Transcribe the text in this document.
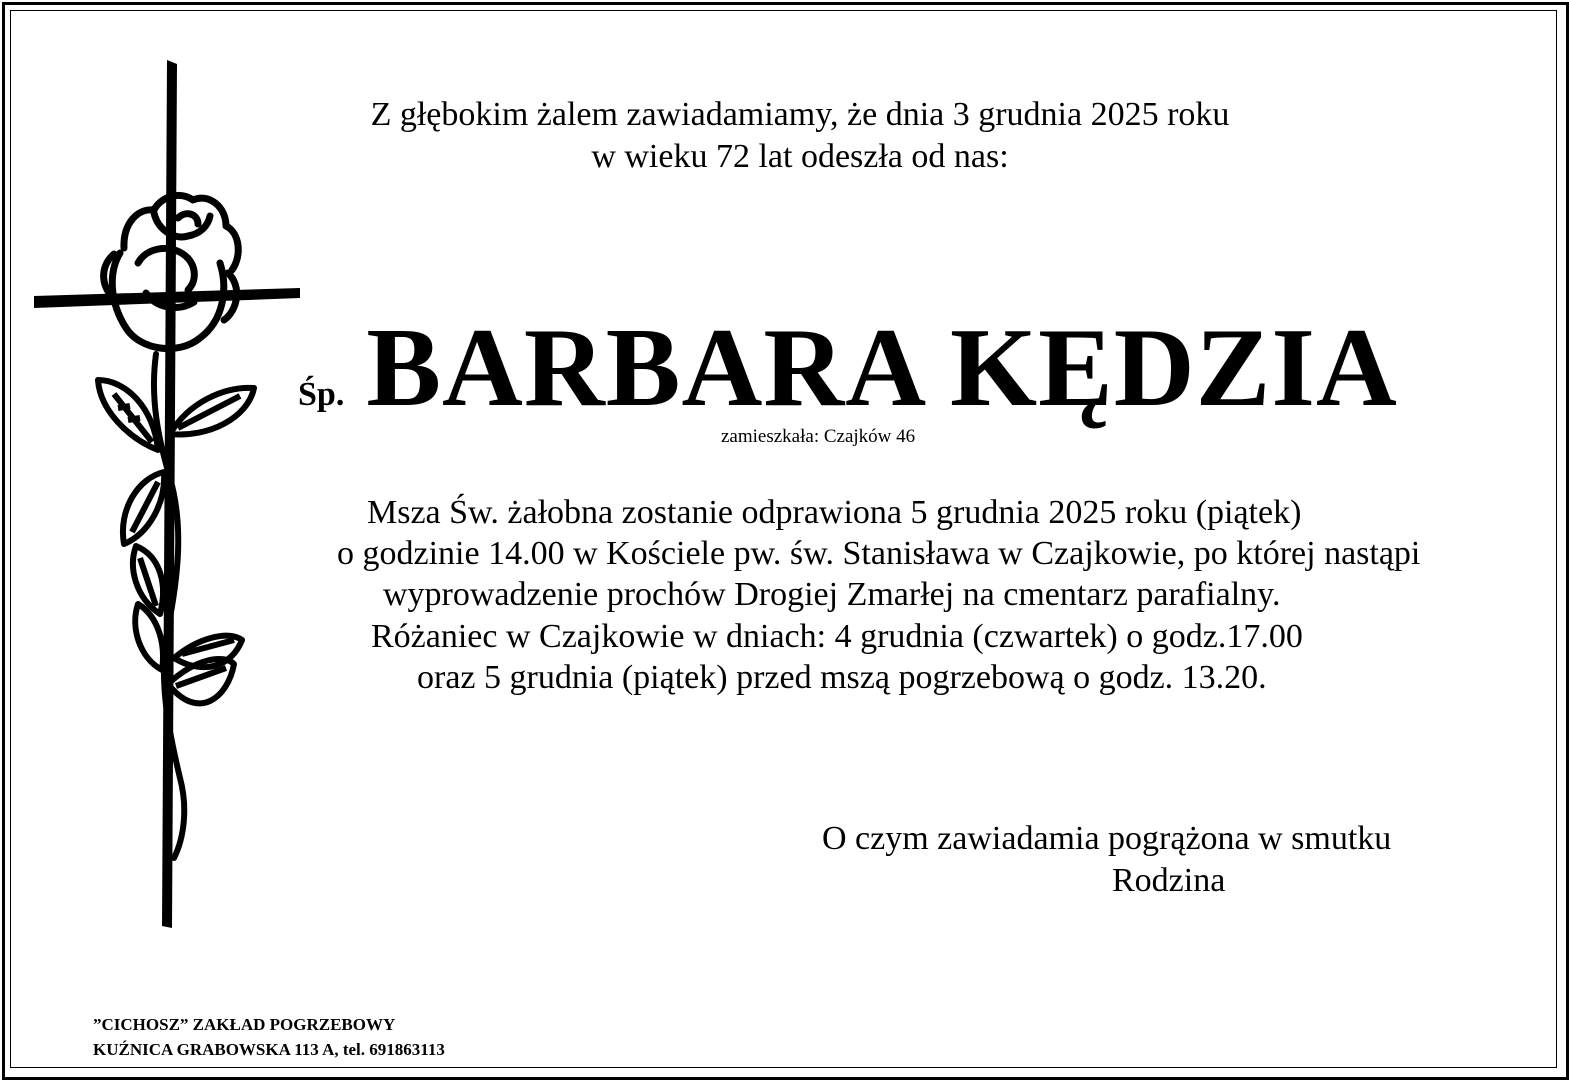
Z głębokim żalem zawiadamiamy, że dnia 3 grudnia 2025 roku
w wieku 72 lat odeszła od nas:
Śp. BARBARA KĘDZIA
zamieszkała: Czajków 46
Msza Św. żałobna zostanie odprawiona 5 grudnia 2025 roku (piątek)
o godzinie 14.00 w Kościele pw. św. Stanisława w Czajkowie, po której nastąpi
wyprowadzenie prochów Drogiej Zmarłej na cmentarz parafialny.
Różaniec w Czajkowie w dniach: 4 grudnia (czwartek) o godz.17.00
oraz 5 grudnia (piątek) przed mszą pogrzebową o godz. 13.20.
O czym zawiadamia pogrążona w smutku
Rodzina
”CICHOSZ” ZAKŁAD POGRZEBOWY
KUŹNICA GRABOWSKA 113 A, tel. 691863113
